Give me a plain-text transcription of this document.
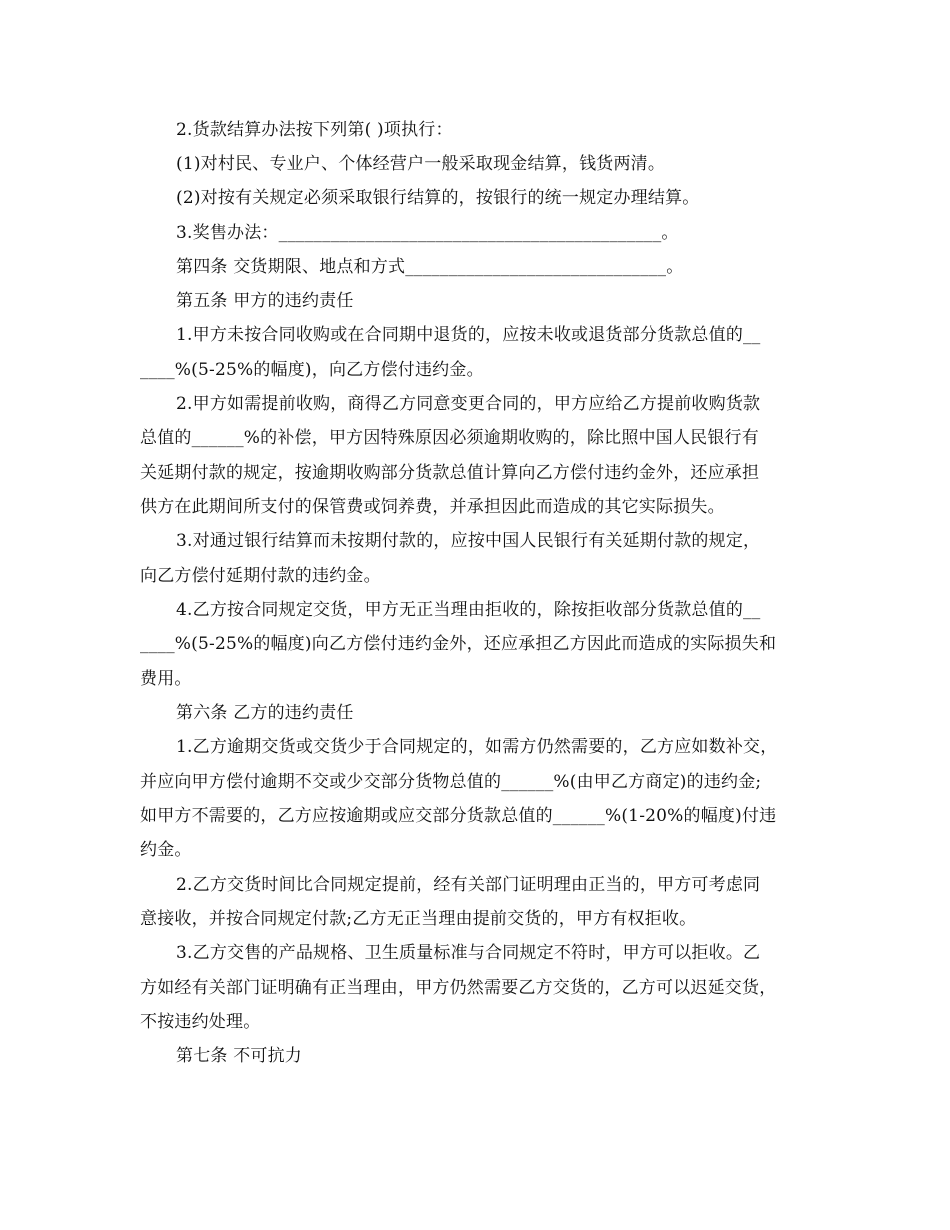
2.货款结算办法按下列第( )项执行：
(1)对村民、专业户、个体经营户一般采取现金结算，钱货两清。
(2)对按有关规定必须采取银行结算的，按银行的统一规定办理结算。
3.奖售办法：____________________________________________。
第四条 交货期限、地点和方式______________________________。
第五条 甲方的违约责任
1.甲方未按合同收购或在合同期中退货的，应按未收或退货部分货款总值的__
____%(5-25%的幅度)，向乙方偿付违约金。
2.甲方如需提前收购，商得乙方同意变更合同的，甲方应给乙方提前收购货款
总值的______%的补偿，甲方因特殊原因必须逾期收购的，除比照中国人民银行有
关延期付款的规定，按逾期收购部分货款总值计算向乙方偿付违约金外，还应承担
供方在此期间所支付的保管费或饲养费，并承担因此而造成的其它实际损失。
3.对通过银行结算而未按期付款的，应按中国人民银行有关延期付款的规定，
向乙方偿付延期付款的违约金。
4.乙方按合同规定交货，甲方无正当理由拒收的，除按拒收部分货款总值的__
____%(5-25%的幅度)向乙方偿付违约金外，还应承担乙方因此而造成的实际损失和
费用。
第六条 乙方的违约责任
1.乙方逾期交货或交货少于合同规定的，如需方仍然需要的，乙方应如数补交，
并应向甲方偿付逾期不交或少交部分货物总值的______%(由甲乙方商定)的违约金;
如甲方不需要的，乙方应按逾期或应交部分货款总值的______%(1-20%的幅度)付违
约金。
2.乙方交货时间比合同规定提前，经有关部门证明理由正当的，甲方可考虑同
意接收，并按合同规定付款;乙方无正当理由提前交货的，甲方有权拒收。
3.乙方交售的产品规格、卫生质量标准与合同规定不符时，甲方可以拒收。乙
方如经有关部门证明确有正当理由，甲方仍然需要乙方交货的，乙方可以迟延交货，
不按违约处理。
第七条 不可抗力
